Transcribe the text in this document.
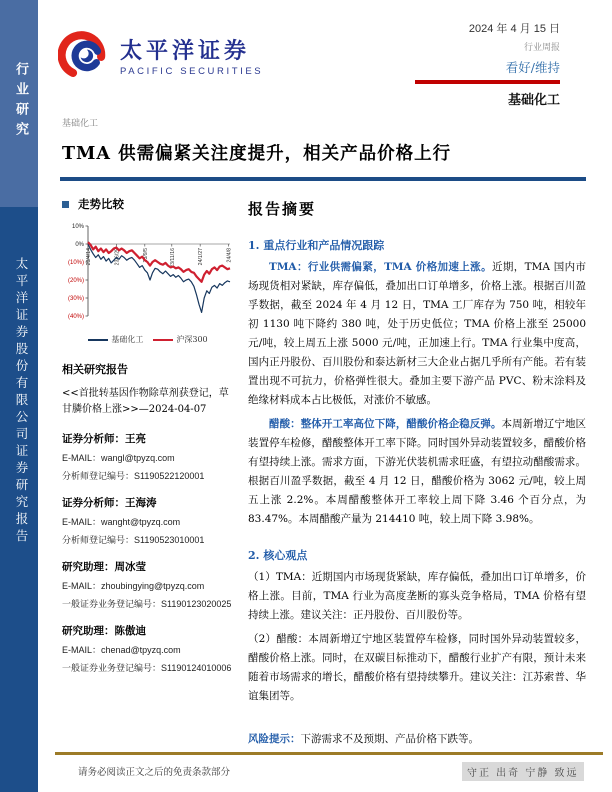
行业研究
太平洋证券股份有限公司证券研究报告
太平洋证券
PACIFIC SECURITIES
2024 年 4 月 15 日
行业周报
看好/维持
基础化工
基础化工
TMA 供需偏紧关注度提升，相关产品价格上行
走势比较
10%
0%
(10%)
(20%)
(30%)
(40%)
23/4/14	23/6/25	23/9/5	23/11/16	24/1/27	24/4/8
基础化工	沪深300
相关研究报告
<<首批转基因作物除草剂获登记，草甘膦价格上涨>>—2024-04-07
证券分析师：王亮
E-MAIL：wangl@tpyzq.com
分析师登记编号：S1190522120001
证券分析师：王海涛
E-MAIL：wanght@tpyzq.com
分析师登记编号：S1190523010001
研究助理：周冰莹
E-MAIL：zhoubingying@tpyzq.com
一般证券业务登记编号：S1190123020025
研究助理：陈傲迪
E-MAIL：chenad@tpyzq.com
一般证券业务登记编号：S1190124010006
报告摘要
1. 重点行业和产品情况跟踪

TMA：行业供需偏紧，TMA 价格加速上涨。近期，TMA 国内市场现货相对紧缺，库存偏低，叠加出口订单增多，价格上涨。根据百川盈孚数据，截至 2024 年 4 月 12 日，TMA 工厂库存为 750 吨，相较年初 1130 吨下降约 380 吨，处于历史低位；TMA 价格上涨至 25000 元/吨，较上周五上涨 5000 元/吨，正加速上行。TMA 行业集中度高，国内正丹股份、百川股份和泰达新材三大企业占据几乎所有产能。若有装置出现不可抗力，价格弹性很大。叠加主要下游产品 PVC、粉末涂料及绝缘材料成本占比极低，对涨价不敏感。

醋酸：整体开工率高位下降，醋酸价格企稳反弹。本周新增辽宁地区装置停车检修，醋酸整体开工率下降。同时国外异动装置较多，醋酸价格有望持续上涨。需求方面，下游光伏装机需求旺盛，有望拉动醋酸需求。根据百川盈孚数据，截至 4 月 12 日，醋酸价格为 3062 元/吨，较上周五上涨 2.2%。本周醋酸整体开工率较上周下降 3.46 个百分点，为 83.47%。本周醋酸产量为 214410 吨，较上周下降 3.98%。

2. 核心观点

（1）TMA：近期国内市场现货紧缺，库存偏低，叠加出口订单增多，价格上涨。目前，TMA 行业为高度垄断的寡头竞争格局，TMA 价格有望持续上涨。建议关注：正丹股份、百川股份等。

（2）醋酸：本周新增辽宁地区装置停车检修，同时国外异动装置较多，醋酸价格上涨。同时，在双碳目标推动下，醋酸行业扩产有限，预计未来随着市场需求的增长，醋酸价格有望持续攀升。建议关注：江苏索普、华谊集团等。

风险提示：下游需求不及预期、产品价格下跌等。

请务必阅读正文之后的免责条款部分	守正 出奇 宁静 致远
